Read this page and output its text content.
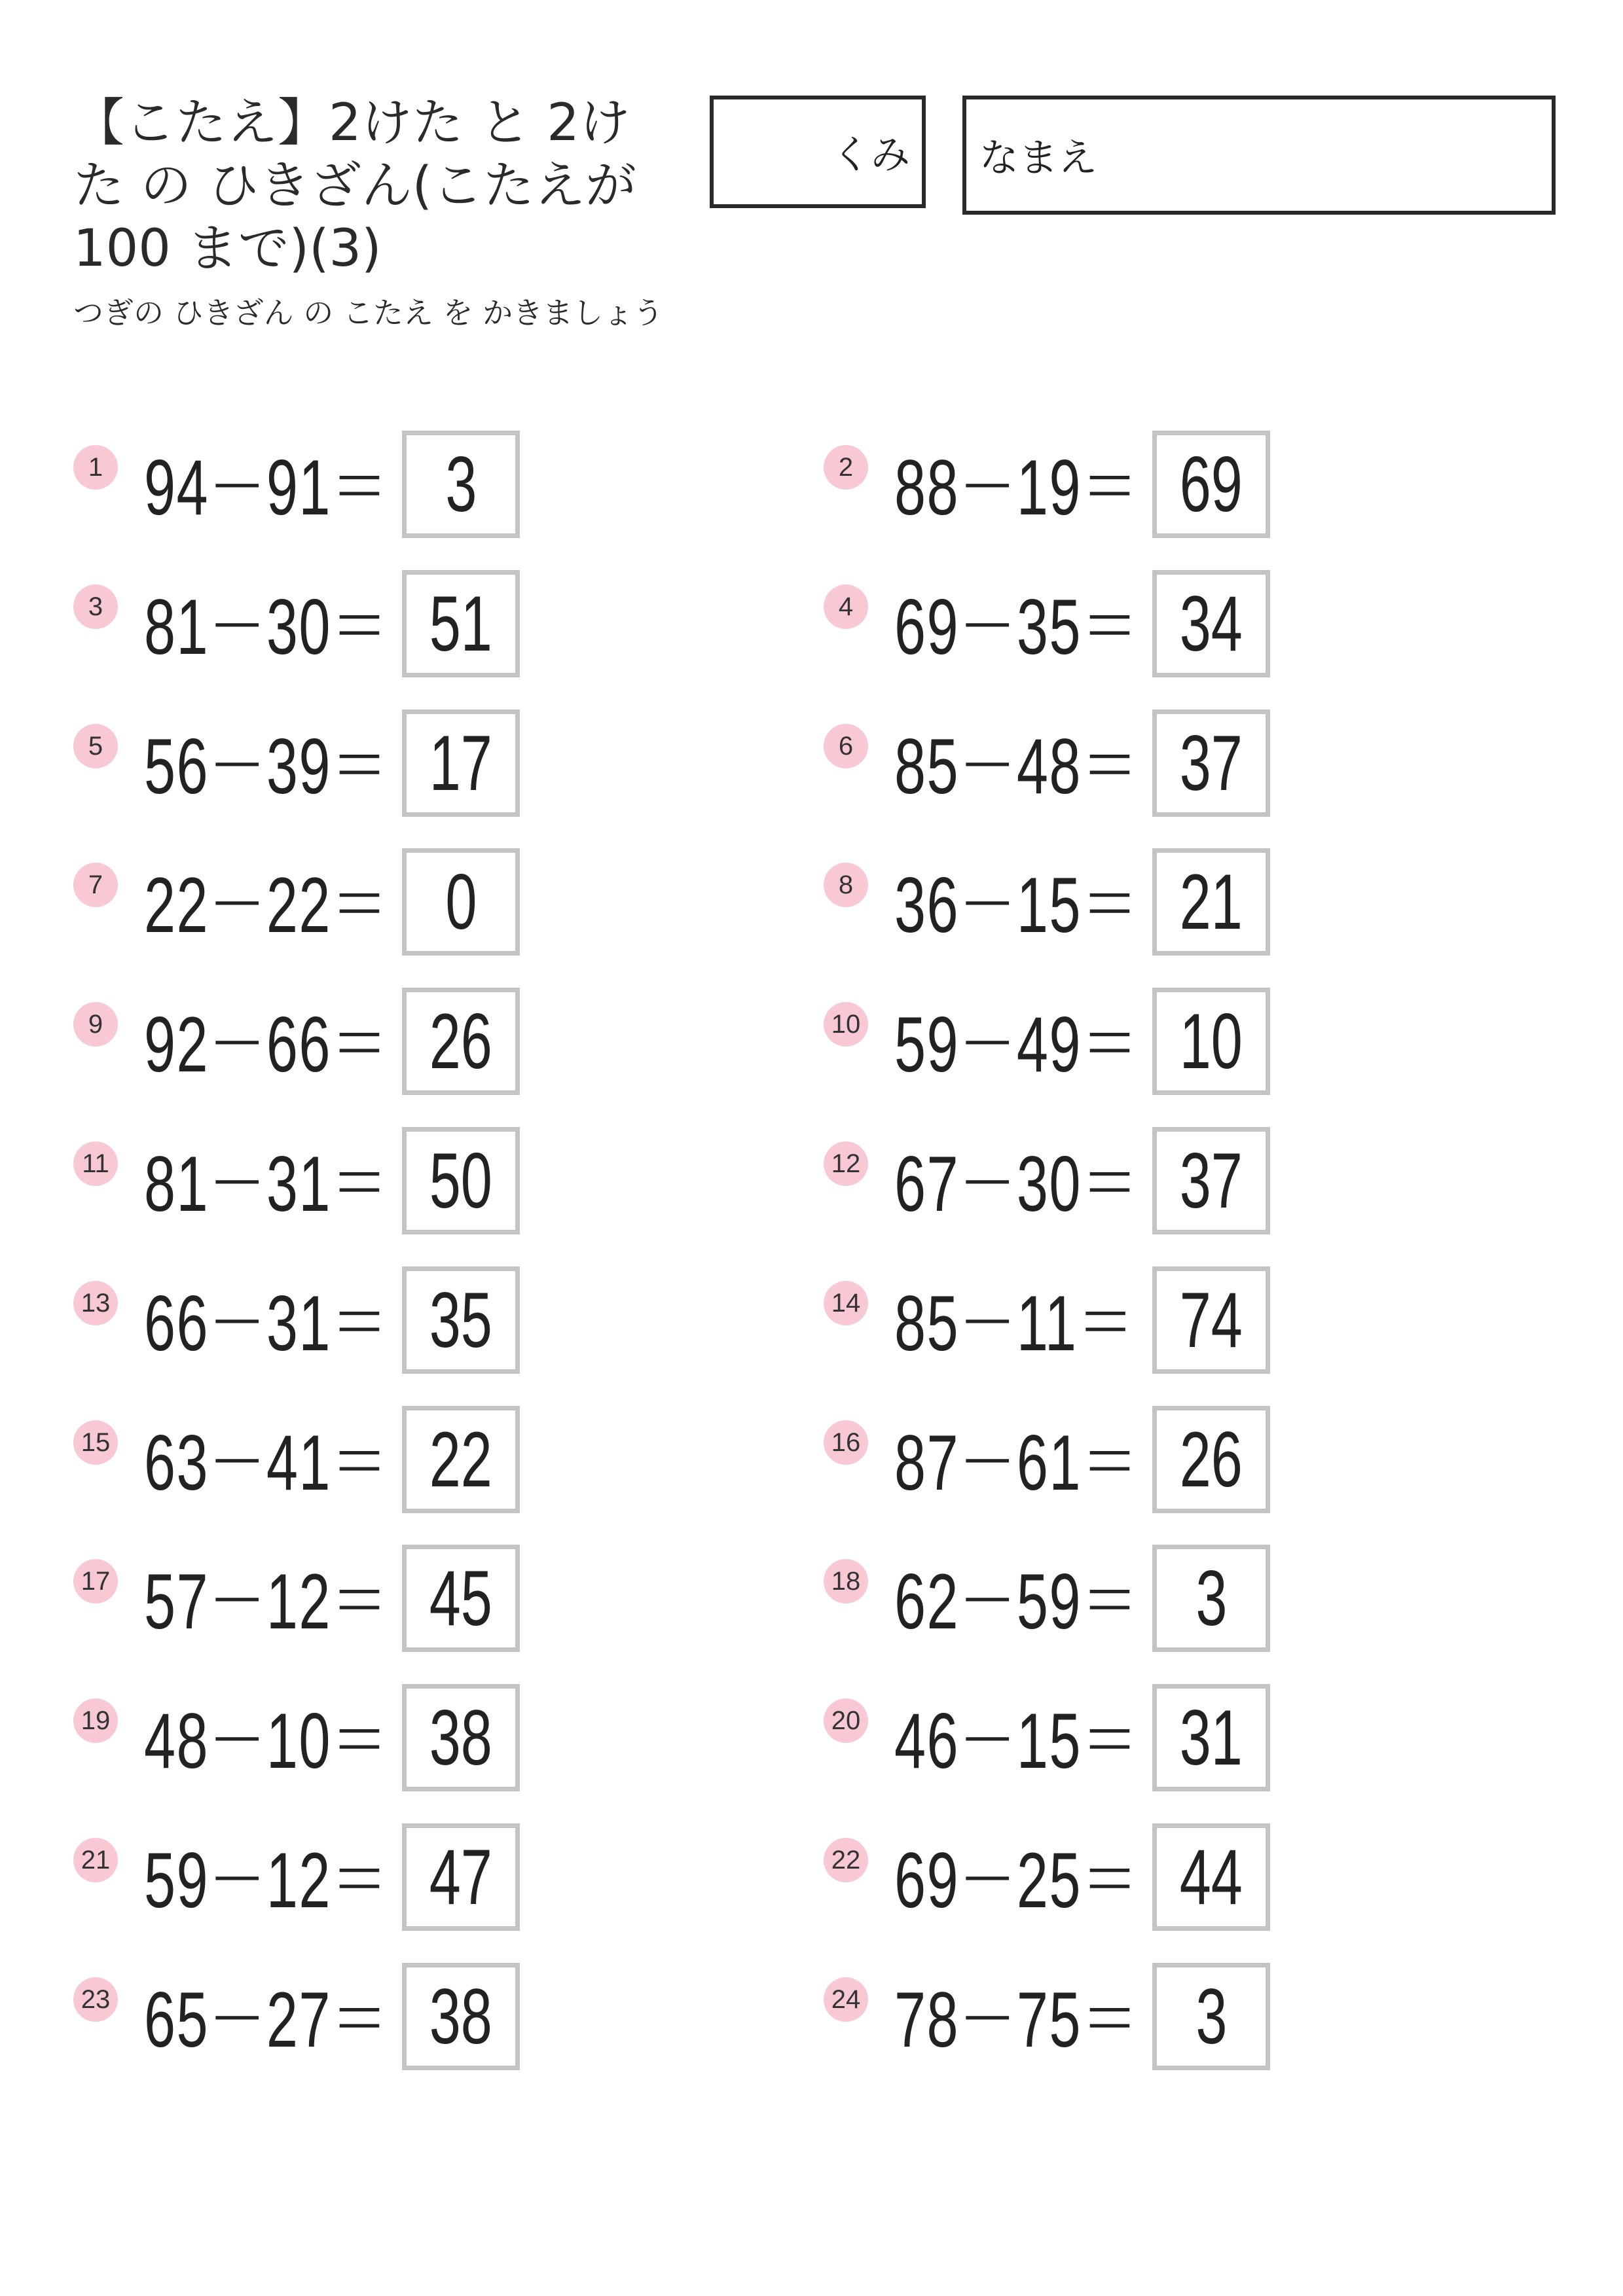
【こたえ】2けた と 2けた の ひきざん(こたえが 100 まで)(3)
つぎの ひきざん の こたえ を かきましょう
くみ なまえ
1 94－91＝ 3	2 88－19＝ 69
3 81－30＝ 51	4 69－35＝ 34
5 56－39＝ 17	6 85－48＝ 37
7 22－22＝ 0	8 36－15＝ 21
9 92－66＝ 26	10 59－49＝ 10
11 81－31＝ 50	12 67－30＝ 37
13 66－31＝ 35	14 85－11＝ 74
15 63－41＝ 22	16 87－61＝ 26
17 57－12＝ 45	18 62－59＝ 3
19 48－10＝ 38	20 46－15＝ 31
21 59－12＝ 47	22 69－25＝ 44
23 65－27＝ 38	24 78－75＝ 3
